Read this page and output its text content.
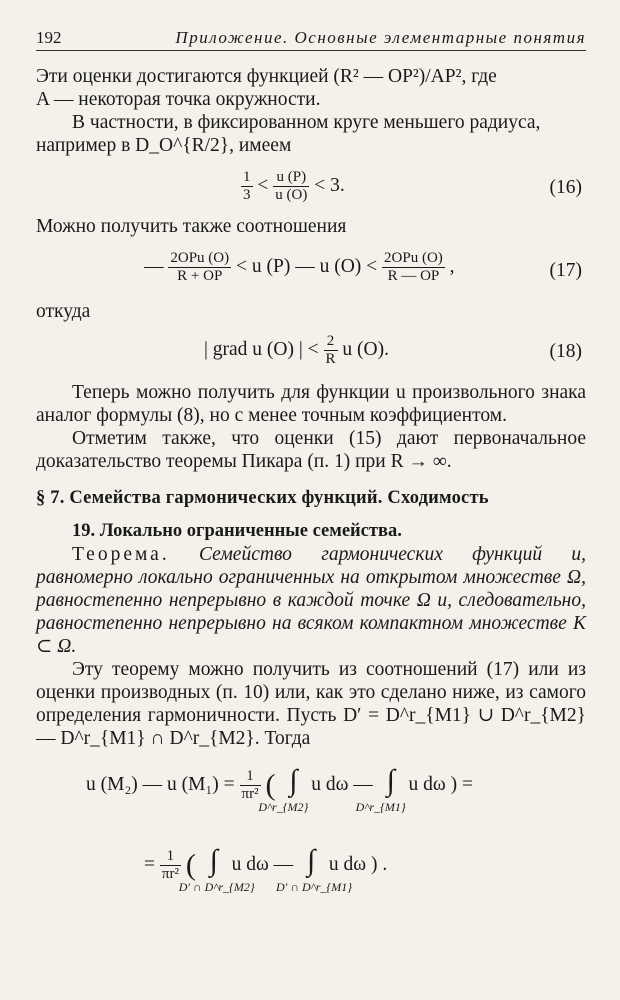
192	Приложение. Основные элементарные понятия

Эти оценки достигаются функцией (R² — OP²)/AP², где
A — некоторая точка окружности.

В частности, в фиксированном круге меньшего радиуса,
например в D_O^{R/2}, имеем

$\frac{1}{3} < \frac{u (P)}{u (O)} < 3$.	(16)

Можно получить также соотношения

— $\frac{\text{2OPu (O)}}{R + OP} < u$ (P) — u $(O) < \frac{\text{2OPu (O)}}{R — OP}$ ,	(17)

откуда

| grad u (O) | < $\frac{2}{R}$ u (O).	(18)

Теперь можно получить для функции u произвольного знака аналог формулы (8), но с менее точным коэффициентом.

Отметим также, что оценки (15) дают первоначальное доказательство теоремы Пикара (п. 1) при R → ∞.

§ 7. Семейства гармонических функций. Сходимость

19. Локально ограниченные семейства.

Теорема. Семейство гармонических функций u, равномерно локально ограниченных на открытом множестве Ω, равностепенно непрерывно в каждой точке Ω u, следовательно, равностепенно непрерывно на всяком компактном множестве K ⊂ Ω.

Эту теорему можно получить из соотношений (17) или из оценки производных (п. 10) или, как это сделано ниже, из самого определения гармоничности. Пусть D′ = D^r_{M1} ∪ D^r_{M2} — D^r_{M1} ∩ D^r_{M2}. Тогда

u (M₂) — u $(M_1) = \frac{1}{\text{πr²}}$ ( ∫
D^r_{M2}
u dω — ∫
D^r_{M1}
u dω ) =
= $\frac{1}{\text{πr²}}$ ( ∫
D′ ∩ D^r_{M2}
u dω — ∫
D′ ∩ D^r_{M1}
u dω ) .
